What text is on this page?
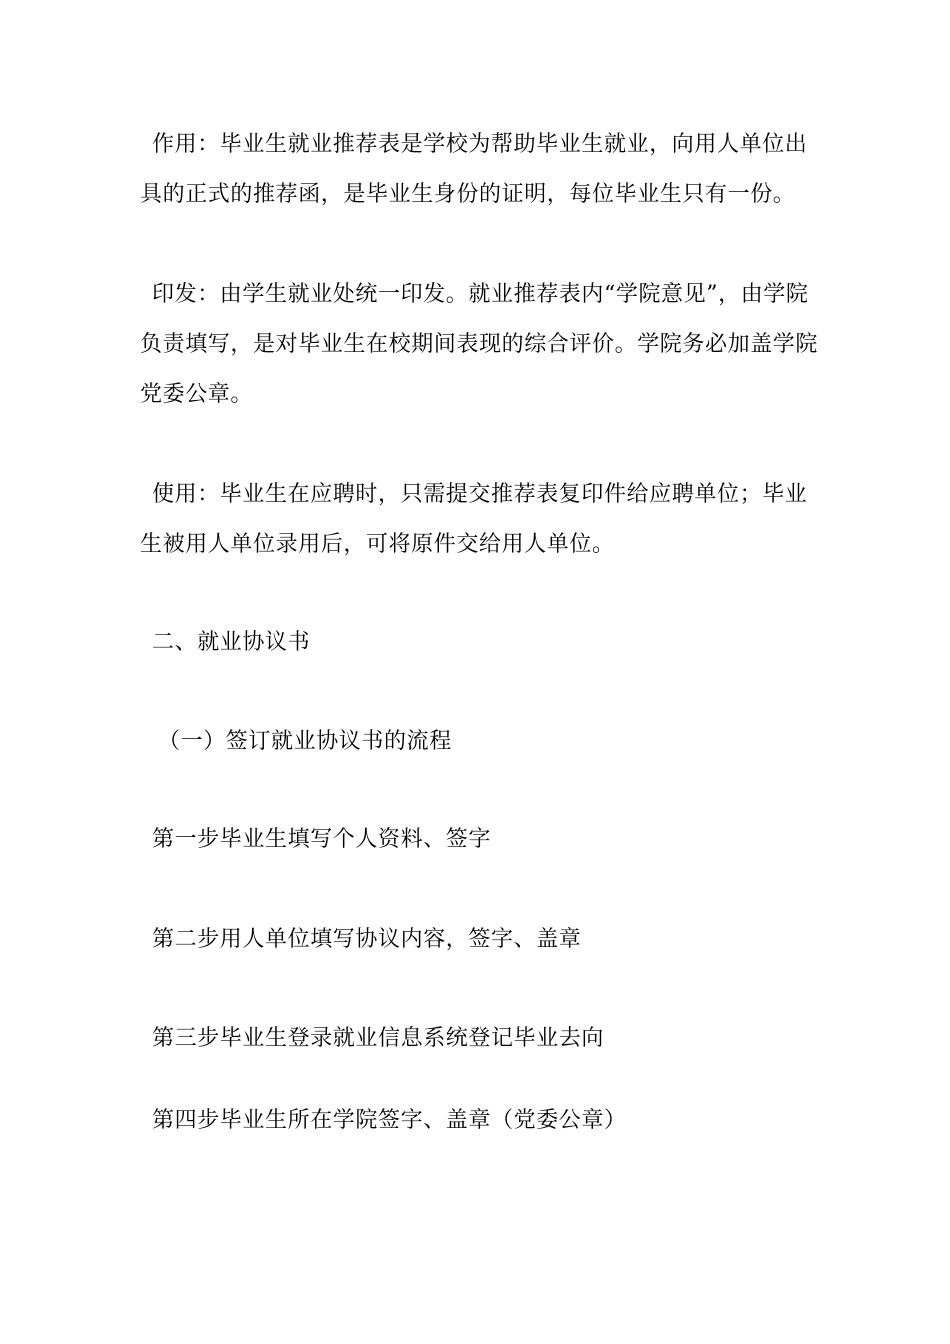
作用：毕业生就业推荐表是学校为帮助毕业生就业，向用人单位出具的正式的推荐函，是毕业生身份的证明，每位毕业生只有一份。

印发：由学生就业处统一印发。就业推荐表内“学院意见”，由学院负责填写，是对毕业生在校期间表现的综合评价。学院务必加盖学院党委公章。

使用：毕业生在应聘时，只需提交推荐表复印件给应聘单位；毕业生被用人单位录用后，可将原件交给用人单位。

二、就业协议书

（一）签订就业协议书的流程

第一步毕业生填写个人资料、签字

第二步用人单位填写协议内容，签字、盖章

第三步毕业生登录就业信息系统登记毕业去向

第四步毕业生所在学院签字、盖章（党委公章）
